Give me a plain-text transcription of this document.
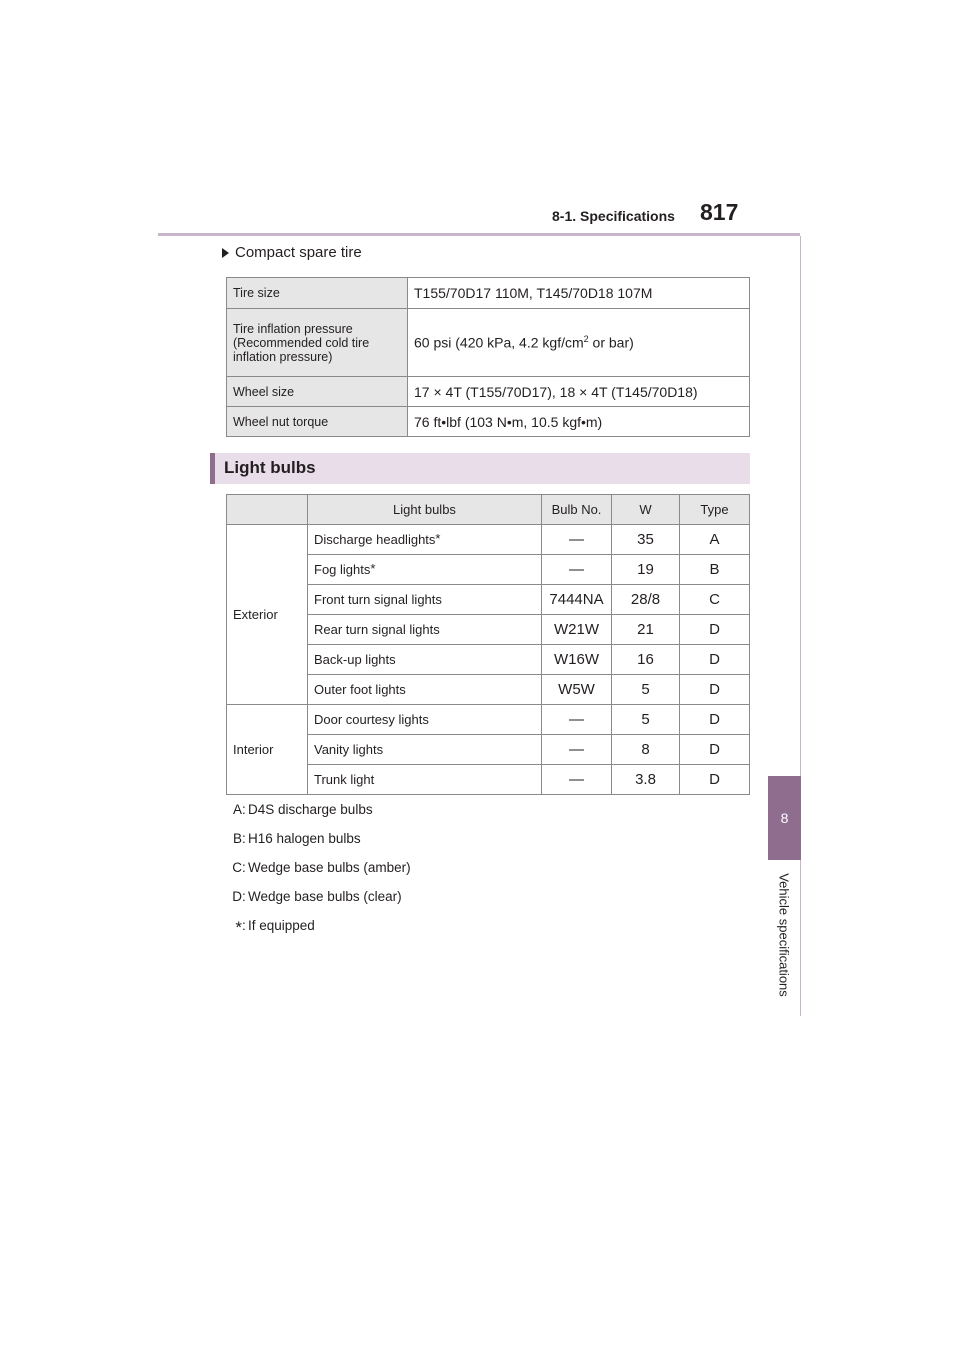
8-1. Specifications 817
8
Vehicle specifications
Compact spare tire
Tire size	T155/70D17 110M, T145/70D18 107M

Tire inflation pressure
(Recommended cold tire
inflation pressure)	60 psi (420 kPa, 4.2 kgf/$cm^2$ or bar)
Wheel size	17 × 4T (T155/70D17), 18 × 4T (T145/70D18)
Wheel nut torque	76 ft•lbf (103 N•m, 10.5 kgf•m)
Light bulbs
	Light bulbs	Bulb No.	W	Type
Exterior	Discharge headlights*	—	35	A
	Fog lights*	—	19	B
	Front turn signal lights	7444NA	28/8	C
	Rear turn signal lights	W21W	21	D
	Back-up lights	W16W	16	D
	Outer foot lights	W5W	5	D
Interior	Door courtesy lights	—	5	D
	Vanity lights	—	8	D
	Trunk light	—	3.8	D
A : D4S discharge bulbs
B : H16 halogen bulbs
C : Wedge base bulbs (amber)
D : Wedge base bulbs (clear)
* : If equipped
